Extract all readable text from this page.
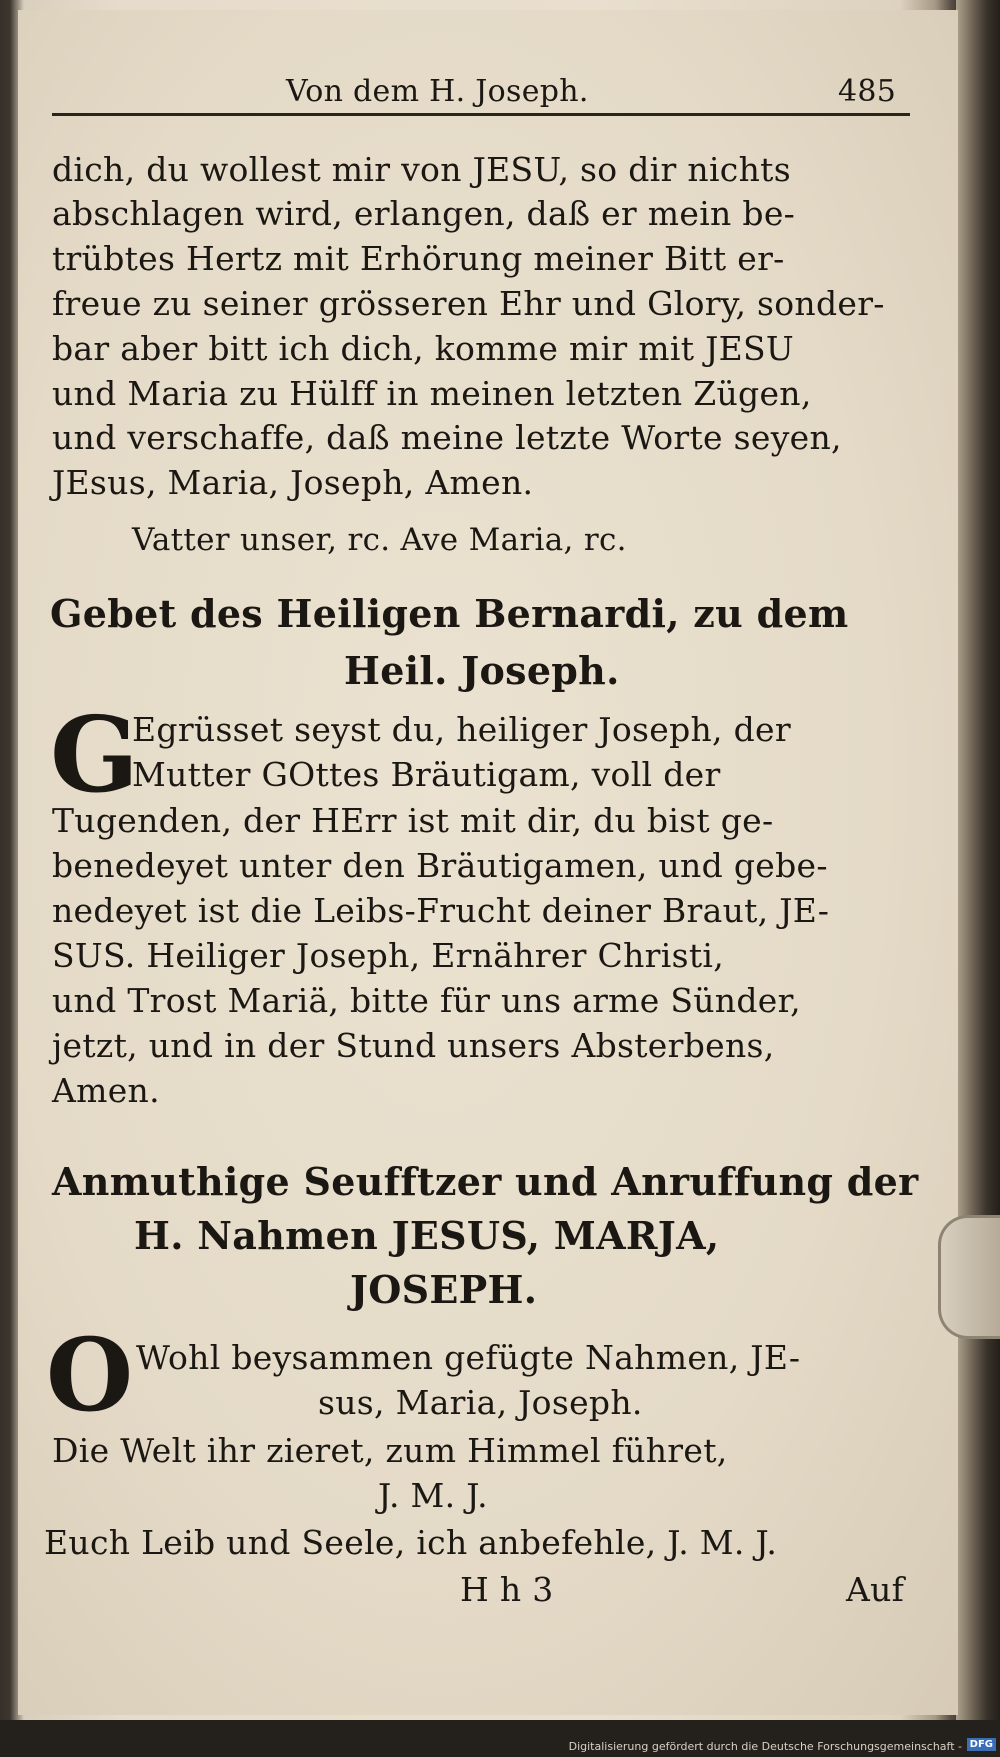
Von dem H. Joseph.	485
dich, du wollest mir von JESU, so dir nichts
abschlagen wird, erlangen, daß er mein be-
trübtes Hertz mit Erhörung meiner Bitt er-
freue zu seiner grösseren Ehr und Glory, sonder-
bar aber bitt ich dich, komme mir mit JESU
und Maria zu Hülff in meinen letzten Zügen,
und verschaffe, daß meine letzte Worte seyen,
JEsus, Maria, Joseph, Amen.
Vatter unser, rc. Ave Maria, rc.
Gebet des Heiligen Bernardi, zu dem
Heil. Joseph.
G
Egrüsset seyst du, heiliger Joseph, der
Mutter GOttes Bräutigam, voll der
Tugenden, der HErr ist mit dir, du bist ge-
benedeyet unter den Bräutigamen, und gebe-
nedeyet ist die Leibs-Frucht deiner Braut, JE-
SUS. Heiliger Joseph, Ernährer Christi,
und Trost Mariä, bitte für uns arme Sünder,
jetzt, und in der Stund unsers Absterbens,
Amen.
Anmuthige Seufftzer und Anruffung der
H. Nahmen JESUS, MARJA,
JOSEPH.
O Wohl beysammen gefügte Nahmen, JE-
sus, Maria, Joseph.
Die Welt ihr zieret, zum Himmel führet,
J. M. J.
Euch Leib und Seele, ich anbefehle, J. M. J.
H h 3	Auf
Digitalisierung gefördert durch die Deutsche Forschungsgemeinschaft - DFG
